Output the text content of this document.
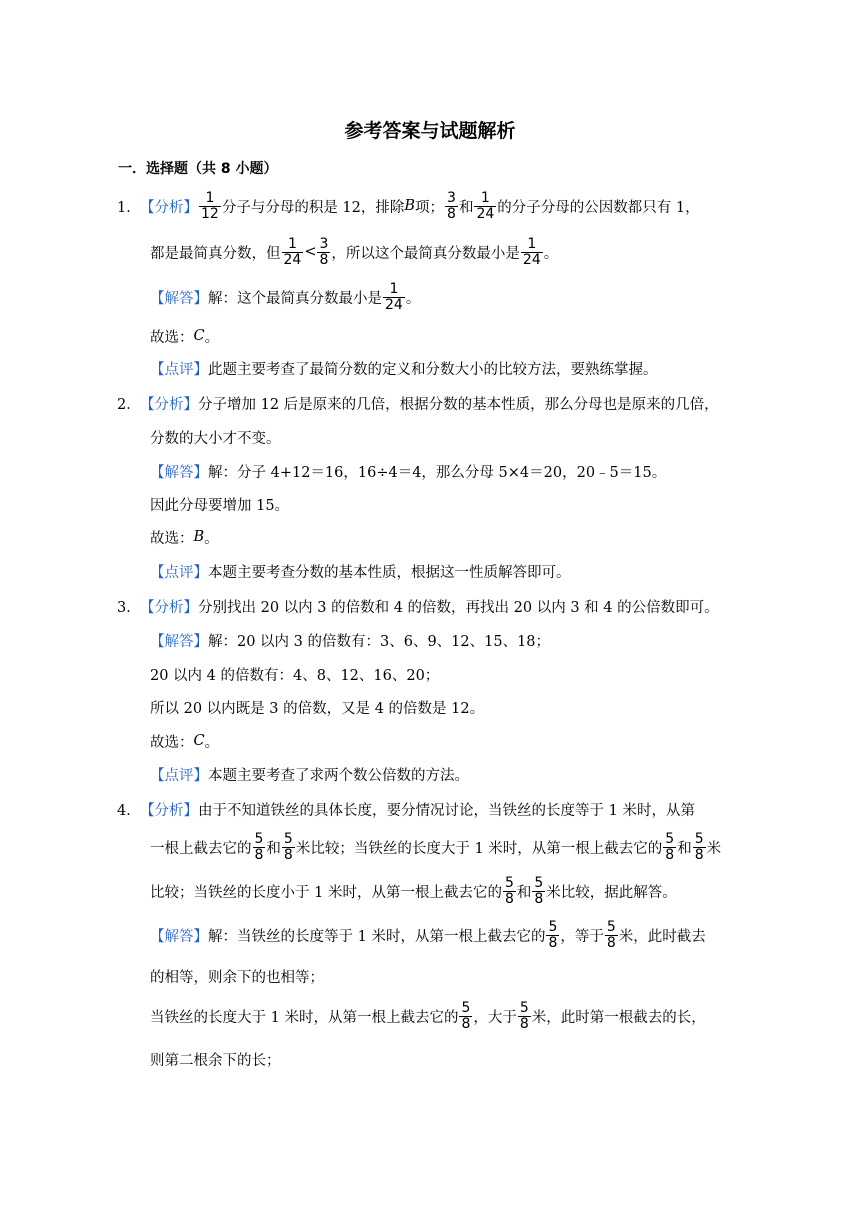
参考答案与试题解析
一．选择题（共 8 小题）
1． 【分析】
1
12 分子与分母的积是 12，排除 B 项；
3
8 和
1
24 的分子分母的公因数都只有 1，
都是最简真分数，但
1
24 <
3
8 ，所以这个最简真分数最小是
1
24 。
【解答】 解：这个最简真分数最小是
1
24 。
故选： C 。
【点评】 此题主要考查了最简分数的定义和分数大小的比较方法，要熟练掌握。
2． 【分析】 分子增加 12 后是原来的几倍，根据分数的基本性质，那么分母也是原来的几倍，
分数的大小才不变。
【解答】 解：分子 4+12＝16，16÷4＝4，那么分母 5×4＝20，20﹣5＝15。
因此分母要增加 15。
故选： B 。
【点评】 本题主要考查分数的基本性质，根据这一性质解答即可。
3． 【分析】 分别找出 20 以内 3 的倍数和 4 的倍数，再找出 20 以内 3 和 4 的公倍数即可。
【解答】 解：20 以内 3 的倍数有：3、6、9、12、15、18；
20 以内 4 的倍数有：4、8、12、16、20；
所以 20 以内既是 3 的倍数，又是 4 的倍数是 12。
故选： C 。
【点评】 本题主要考查了求两个数公倍数的方法。
4． 【分析】 由于不知道铁丝的具体长度，要分情况讨论，当铁丝的长度等于 1 米时，从第
一根上截去它的
5
8 和
5
8 米比较；当铁丝的长度大于 1 米时，从第一根上截去它的
5
8 和
5
8 米
比较；当铁丝的长度小于 1 米时，从第一根上截去它的
5
8 和
5
8 米比较，据此解答。
【解答】 解：当铁丝的长度等于 1 米时，从第一根上截去它的
5
8 ，等于
5
8 米，此时截去
的相等，则余下的也相等；
当铁丝的长度大于 1 米时，从第一根上截去它的
5
8 ，大于
5
8 米，此时第一根截去的长，
则第二根余下的长；
